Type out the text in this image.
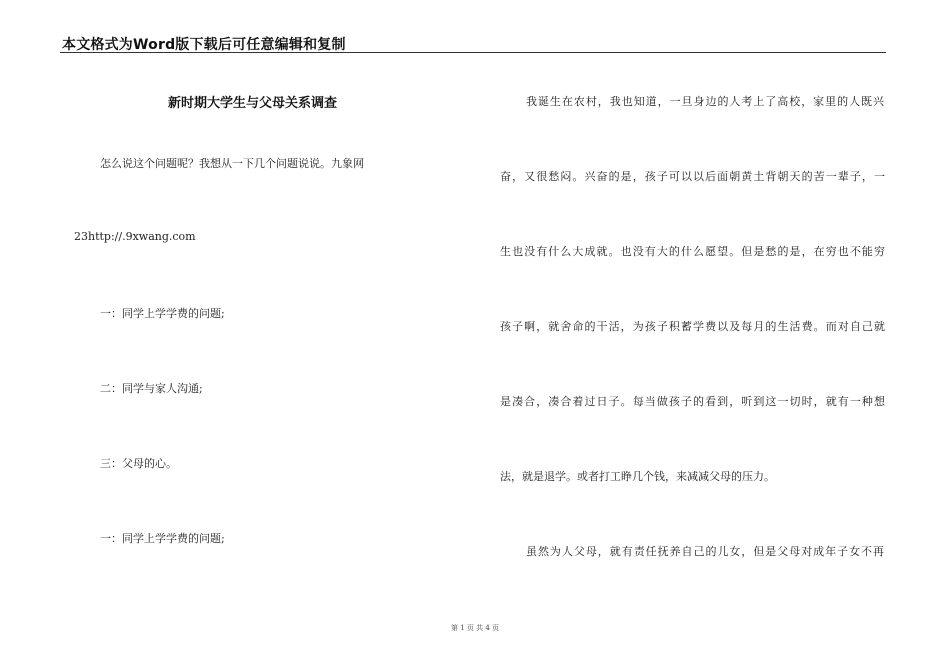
本文格式为Word版下载后可任意编辑和复制
新时期大学生与父母关系调查
怎么说这个问题呢？我想从一下几个问题说说。九象网
23http://.9xwang.com
一：同学上学学费的问题;
二：同学与家人沟通;
三：父母的心。
一：同学上学学费的问题;
我诞生在农村，我也知道，一旦身边的人考上了高校，家里的人既兴
奋，又很愁闷。兴奋的是，孩子可以以后面朝黄土背朝天的苦一辈子，一
生也没有什么大成就。也没有大的什么愿望。但是愁的是，在穷也不能穷
孩子啊，就舍命的干活，为孩子积蓄学费以及每月的生活费。而对自己就
是凑合，凑合着过日子。每当做孩子的看到，听到这一切时，就有一种想
法，就是退学。或者打工睁几个钱，来减减父母的压力。
虽然为人父母，就有责任抚养自己的儿女，但是父母对成年子女不再
第 1 页 共 4 页
